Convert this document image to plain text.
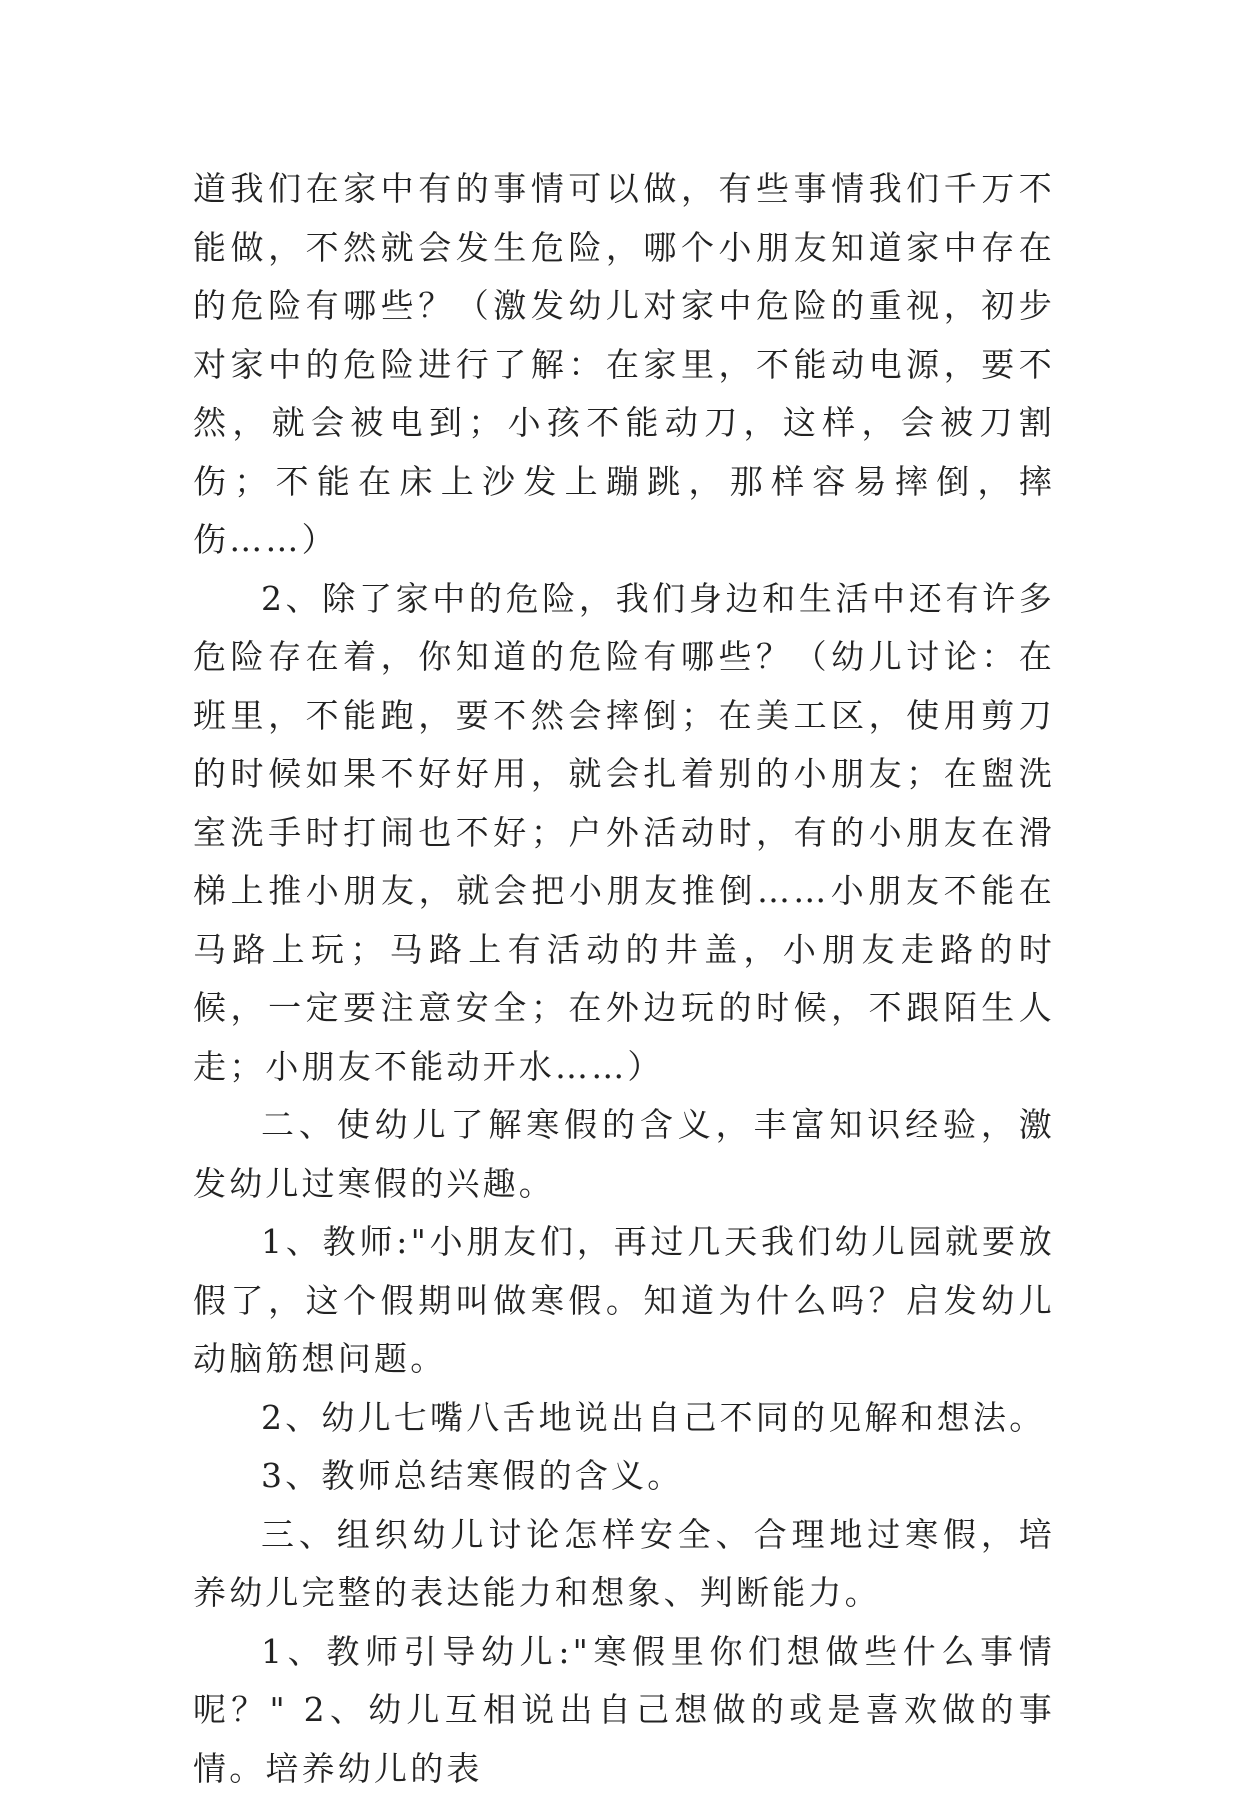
道我们在家中有的事情可以做，有些事情我们千万不能做，不然就会发生危险，哪个小朋友知道家中存在的危险有哪些？（激发幼儿对家中危险的重视，初步对家中的危险进行了解：在家里，不能动电源，要不然，就会被电到；小孩不能动刀，这样，会被刀割伤；不能在床上沙发上蹦跳，那样容易摔倒，摔伤……）

2、除了家中的危险，我们身边和生活中还有许多危险存在着，你知道的危险有哪些？（幼儿讨论：在班里，不能跑，要不然会摔倒；在美工区，使用剪刀的时候如果不好好用，就会扎着别的小朋友；在盥洗室洗手时打闹也不好；户外活动时，有的小朋友在滑梯上推小朋友，就会把小朋友推倒……小朋友不能在马路上玩；马路上有活动的井盖，小朋友走路的时候，一定要注意安全；在外边玩的时候，不跟陌生人走；小朋友不能动开水……）

二、使幼儿了解寒假的含义，丰富知识经验，激发幼儿过寒假的兴趣。

1、教师:"小朋友们，再过几天我们幼儿园就要放假了，这个假期叫做寒假。知道为什么吗？启发幼儿动脑筋想问题。

2、幼儿七嘴八舌地说出自己不同的见解和想法。

3、教师总结寒假的含义。

三、组织幼儿讨论怎样安全、合理地过寒假，培养幼儿完整的表达能力和想象、判断能力。

1、教师引导幼儿:"寒假里你们想做些什么事情呢？" 2、幼儿互相说出自己想做的或是喜欢做的事情。培养幼儿的表
